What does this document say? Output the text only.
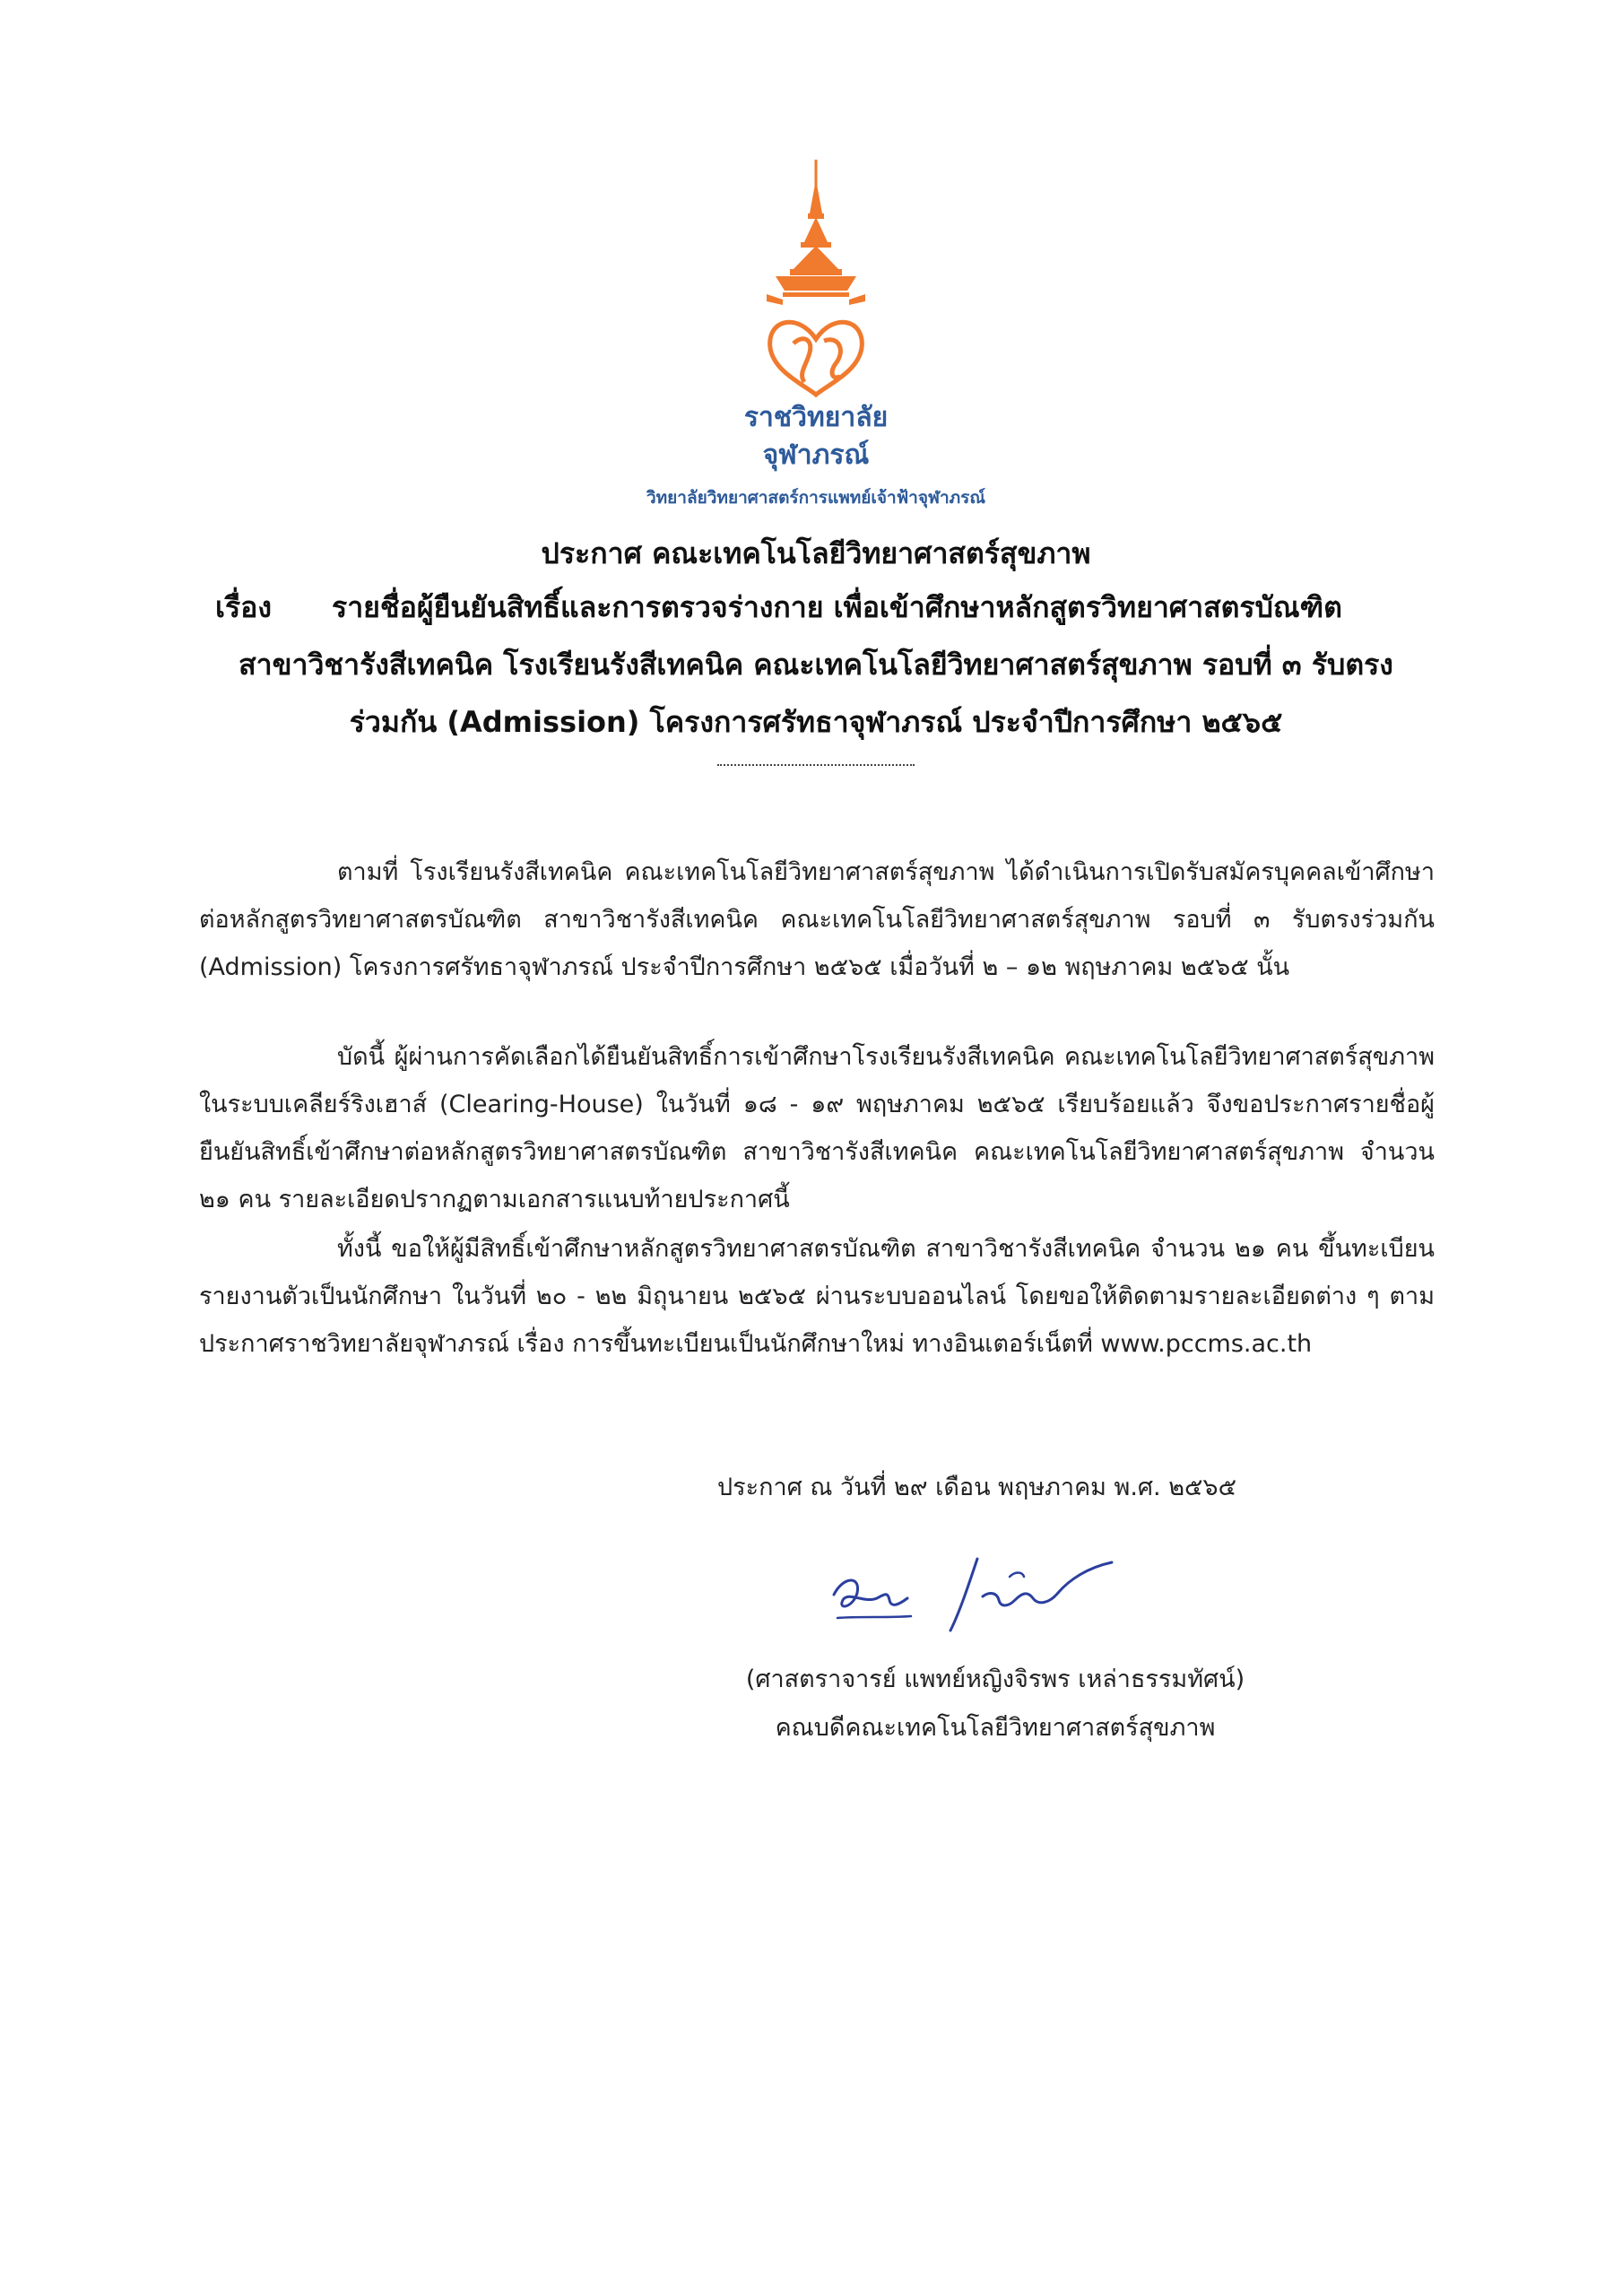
ราชวิทยาลัย
จุฬาภรณ์
วิทยาลัยวิทยาศาสตร์การแพทย์เจ้าฟ้าจุฬาภรณ์
ประกาศ คณะเทคโนโลยีวิทยาศาสตร์สุขภาพ
เรื่อง รายชื่อผู้ยืนยันสิทธิ์และการตรวจร่างกาย เพื่อเข้าศึกษาหลักสูตรวิทยาศาสตรบัณฑิต
สาขาวิชารังสีเทคนิค โรงเรียนรังสีเทคนิค คณะเทคโนโลยีวิทยาศาสตร์สุขภาพ รอบที่ ๓ รับตรง
ร่วมกัน (Admission) โครงการศรัทธาจุฬาภรณ์ ประจำปีการศึกษา ๒๕๖๕
ตามที่ โรงเรียนรังสีเทคนิค คณะเทคโนโลยีวิทยาศาสตร์สุขภาพ ได้ดำเนินการเปิดรับสมัครบุคคลเข้าศึกษาต่อหลักสูตรวิทยาศาสตรบัณฑิต สาขาวิชารังสีเทคนิค คณะเทคโนโลยีวิทยาศาสตร์สุขภาพ รอบที่ ๓ รับตรงร่วมกัน (Admission) โครงการศรัทธาจุฬาภรณ์ ประจำปีการศึกษา ๒๕๖๕ เมื่อวันที่ ๒ – ๑๒ พฤษภาคม ๒๕๖๕ นั้น
บัดนี้ ผู้ผ่านการคัดเลือกได้ยืนยันสิทธิ์การเข้าศึกษาโรงเรียนรังสีเทคนิค คณะเทคโนโลยีวิทยาศาสตร์สุขภาพ ในระบบเคลียร์ริงเฮาส์ (Clearing-House) ในวันที่ ๑๘ - ๑๙ พฤษภาคม ๒๕๖๕ เรียบร้อยแล้ว จึงขอประกาศรายชื่อผู้ยืนยันสิทธิ์เข้าศึกษาต่อหลักสูตรวิทยาศาสตรบัณฑิต สาขาวิชารังสีเทคนิค คณะเทคโนโลยีวิทยาศาสตร์สุขภาพ จำนวน ๒๑ คน รายละเอียดปรากฏตามเอกสารแนบท้ายประกาศนี้
ทั้งนี้ ขอให้ผู้มีสิทธิ์เข้าศึกษาหลักสูตรวิทยาศาสตรบัณฑิต สาขาวิชารังสีเทคนิค จำนวน ๒๑ คน ขึ้นทะเบียนรายงานตัวเป็นนักศึกษา ในวันที่ ๒๐ - ๒๒ มิถุนายน ๒๕๖๕ ผ่านระบบออนไลน์ โดยขอให้ติดตามรายละเอียดต่าง ๆ ตามประกาศราชวิทยาลัยจุฬาภรณ์ เรื่อง การขึ้นทะเบียนเป็นนักศึกษาใหม่ ทางอินเตอร์เน็ตที่ www.pccms.ac.th
ประกาศ ณ วันที่ ๒๙ เดือน พฤษภาคม พ.ศ. ๒๕๖๕
(ศาสตราจารย์ แพทย์หญิงจิรพร เหล่าธรรมทัศน์)
คณบดีคณะเทคโนโลยีวิทยาศาสตร์สุขภาพ
